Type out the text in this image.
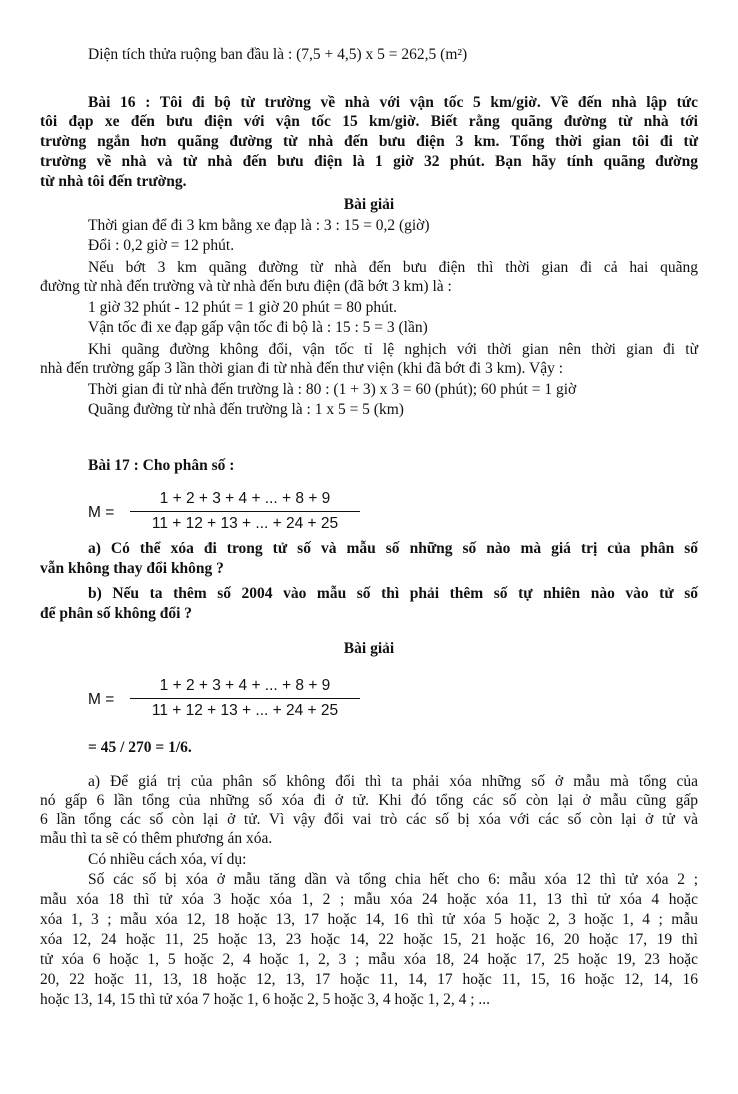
Diện tích thửa ruộng ban đầu là : (7,5 + 4,5) x 5 = 262,5 (m²)
Bài 16 : Tôi đi bộ từ trường về nhà với vận tốc 5 km/giờ. Về đến nhà lập tức
tôi đạp xe đến bưu điện với vận tốc 15 km/giờ. Biết rằng quãng đường từ nhà tới
trường ngắn hơn quãng đường từ nhà đến bưu điện 3 km. Tổng thời gian tôi đi từ
trường về nhà và từ nhà đến bưu điện là 1 giờ 32 phút. Bạn hãy tính quãng đường
từ nhà tôi đến trường.
Bài giải
Thời gian để đi 3 km bằng xe đạp là : 3 : 15 = 0,2 (giờ)
Đổi : 0,2 giờ = 12 phút.
Nếu bớt 3 km quãng đường từ nhà đến bưu điện thì thời gian đi cả hai quãng
đường từ nhà đến trường và từ nhà đến bưu điện (đã bớt 3 km) là :
1 giờ 32 phút - 12 phút = 1 giờ 20 phút = 80 phút.
Vận tốc đi xe đạp gấp vận tốc đi bộ là : 15 : 5 = 3 (lần)
Khi quãng đường không đổi, vận tốc tỉ lệ nghịch với thời gian nên thời gian đi từ
nhà đến trường gấp 3 lần thời gian đi từ nhà đến thư viện (khi đã bớt đi 3 km). Vậy :
Thời gian đi từ nhà đến trường là : 80 : (1 + 3) x 3 = 60 (phút); 60 phút = 1 giờ
Quãng đường từ nhà đến trường là : 1 x 5 = 5 (km)
Bài 17 : Cho phân số :
M =
1 + 2 + 3 + 4 + ... + 8 + 9
11 + 12 + 13 + ... + 24 + 25
a) Có thể xóa đi trong tử số và mẫu số những số nào mà giá trị của phân số
vẫn không thay đổi không ?
b) Nếu ta thêm số 2004 vào mẫu số thì phải thêm số tự nhiên nào vào tử số
để phân số không đổi ?
Bài giải
M =
1 + 2 + 3 + 4 + ... + 8 + 9
11 + 12 + 13 + ... + 24 + 25
= 45 / 270 = 1/6.
a) Để giá trị của phân số không đổi thì ta phải xóa những số ở mẫu mà tổng của
nó gấp 6 lần tổng của những số xóa đi ở tử. Khi đó tổng các số còn lại ở mẫu cũng gấp
6 lần tổng các số còn lại ở tử. Vì vậy đổi vai trò các số bị xóa với các số còn lại ở tử và
mẫu thì ta sẽ có thêm phương án xóa.
Có nhiều cách xóa, ví dụ:
Số các số bị xóa ở mẫu tăng dần và tổng chia hết cho 6: mẫu xóa 12 thì tử xóa 2 ;
mẫu xóa 18 thì tử xóa 3 hoặc xóa 1, 2 ; mẫu xóa 24 hoặc xóa 11, 13 thì tử xóa 4 hoặc
xóa 1, 3 ; mẫu xóa 12, 18 hoặc 13, 17 hoặc 14, 16 thì tử xóa 5 hoặc 2, 3 hoặc 1, 4 ; mẫu
xóa 12, 24 hoặc 11, 25 hoặc 13, 23 hoặc 14, 22 hoặc 15, 21 hoặc 16, 20 hoặc 17, 19 thì
tử xóa 6 hoặc 1, 5 hoặc 2, 4 hoặc 1, 2, 3 ; mẫu xóa 18, 24 hoặc 17, 25 hoặc 19, 23 hoặc
20, 22 hoặc 11, 13, 18 hoặc 12, 13, 17 hoặc 11, 14, 17 hoặc 11, 15, 16 hoặc 12, 14, 16
hoặc 13, 14, 15 thì tử xóa 7 hoặc 1, 6 hoặc 2, 5 hoặc 3, 4 hoặc 1, 2, 4 ; ...
